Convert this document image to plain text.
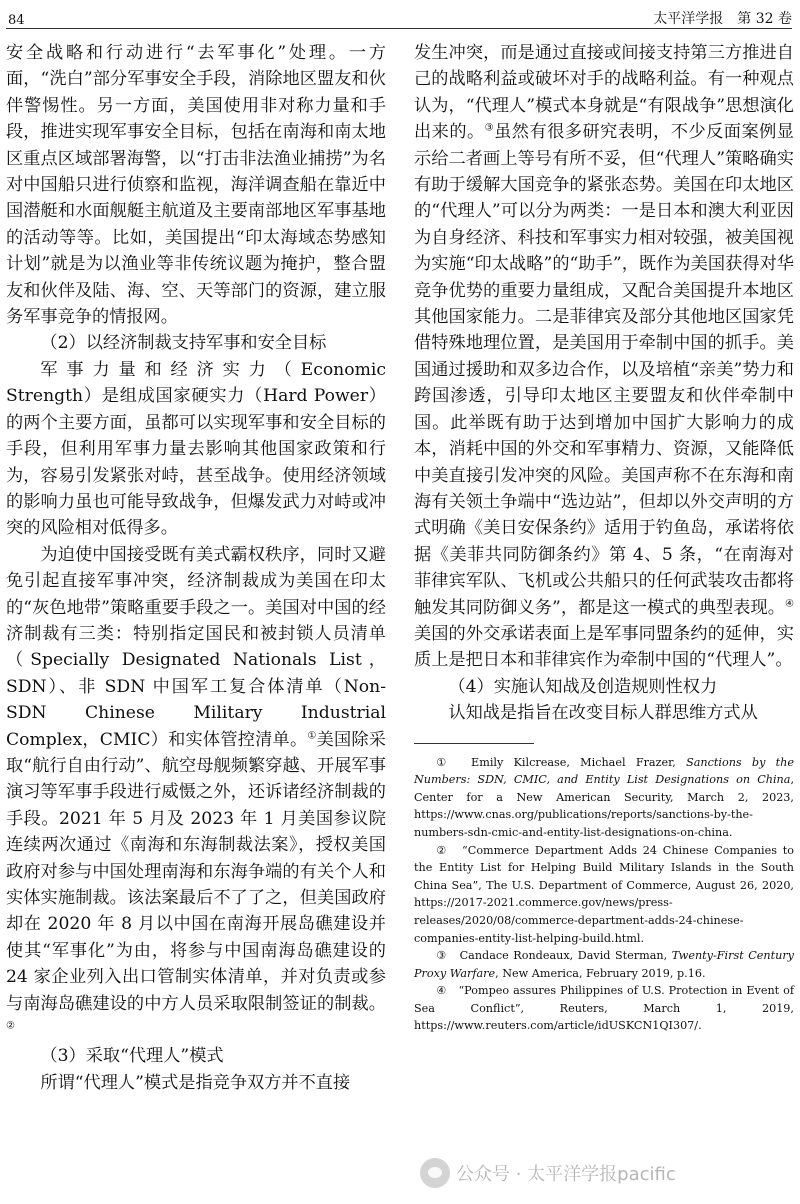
84	太平洋学报　第 32 卷

安全战略和行动进行“去军事化”处理。一方面，“洗白”部分军事安全手段，消除地区盟友和伙伴警惕性。另一方面，美国使用非对称力量和手段，推进实现军事安全目标，包括在南海和南太地区重点区域部署海警，以“打击非法渔业捕捞”为名对中国船只进行侦察和监视，海洋调查船在靠近中国潜艇和水面舰艇主航道及主要南部地区军事基地的活动等等。比如，美国提出“印太海域态势感知计划”就是为以渔业等非传统议题为掩护，整合盟友和伙伴及陆、海、空、天等部门的资源，建立服务军事竞争的情报网。

（2）以经济制裁支持军事和安全目标

军事力量和经济实力（Economic Strength）是组成国家硬实力（Hard Power）的两个主要方面，虽都可以实现军事和安全目标的手段，但利用军事力量去影响其他国家政策和行为，容易引发紧张对峙，甚至战争。使用经济领域的影响力虽也可能导致战争，但爆发武力对峙或冲突的风险相对低得多。

为迫使中国接受既有美式霸权秩序，同时又避免引起直接军事冲突，经济制裁成为美国在印太的“灰色地带”策略重要手段之一。美国对中国的经济制裁有三类：特别指定国民和被封锁人员清单（Specially Designated Nationals List，SDN）、非 SDN 中国军工复合体清单（Non-SDN Chinese Military Industrial Complex，CMIC）和实体管控清单。①美国除采取“航行自由行动”、航空母舰频繁穿越、开展军事演习等军事手段进行威慑之外，还诉诸经济制裁的手段。2021 年 5 月及 2023 年 1 月美国参议院连续两次通过《南海和东海制裁法案》，授权美国政府对参与中国处理南海和东海争端的有关个人和实体实施制裁。该法案最后不了了之，但美国政府却在 2020 年 8 月以中国在南海开展岛礁建设并使其“军事化”为由，将参与中国南海岛礁建设的 24 家企业列入出口管制实体清单，并对负责或参与南海岛礁建设的中方人员采取限制签证的制裁。②

（3）采取“代理人”模式

所谓“代理人”模式是指竞争双方并不直接

发生冲突，而是通过直接或间接支持第三方推进自己的战略利益或破坏对手的战略利益。有一种观点认为，“代理人”模式本身就是“有限战争”思想演化出来的。③虽然有很多研究表明，不少反面案例显示给二者画上等号有所不妥，但“代理人”策略确实有助于缓解大国竞争的紧张态势。美国在印太地区的“代理人”可以分为两类：一是日本和澳大利亚因为自身经济、科技和军事实力相对较强，被美国视为实施“印太战略”的“助手”，既作为美国获得对华竞争优势的重要力量组成，又配合美国提升本地区其他国家能力。二是菲律宾及部分其他地区国家凭借特殊地理位置，是美国用于牵制中国的抓手。美国通过援助和双多边合作，以及培植“亲美”势力和跨国渗透，引导印太地区主要盟友和伙伴牵制中国。此举既有助于达到增加中国扩大影响力的成本，消耗中国的外交和军事精力、资源，又能降低中美直接引发冲突的风险。美国声称不在东海和南海有关领土争端中“选边站”，但却以外交声明的方式明确《美日安保条约》适用于钓鱼岛，承诺将依据《美菲共同防御条约》第 4、5 条，“在南海对菲律宾军队、飞机或公共船只的任何武装攻击都将触发其同防御义务”，都是这一模式的典型表现。④美国的外交承诺表面上是军事同盟条约的延伸，实质上是把日本和菲律宾作为牵制中国的“代理人”。

（4）实施认知战及创造规则性权力

认知战是指旨在改变目标人群思维方式从

①　 Emily Kilcrease, Michael Frazer, Sanctions by the Numbers: SDN, CMIC, and Entity List Designations on China, Center for a New American Security, March 2, 2023, https://www.cnas.org/publications/reports/sanctions-by-the-numbers-sdn-cmic-and-entity-list-designations-on-china.

②　 “Commerce Department Adds 24 Chinese Companies to the Entity List for Helping Build Military Islands in the South China Sea”, The U.S. Department of Commerce, August 26, 2020, https://2017-2021.commerce.gov/news/press-releases/2020/08/commerce-department-adds-24-chinese-companies-entity-list-helping-build.html.

③　 Candace Rondeaux, David Sterman, Twenty-First Century Proxy Warfare, New America, February 2019, p.16.

④　 “Pompeo assures Philippines of U.S. Protection in Event of Sea Conflict”, Reuters, March 1, 2019, https://www.reuters.com/article/idUSKCN1QI307/.

公众号 · 太平洋学报pacific
